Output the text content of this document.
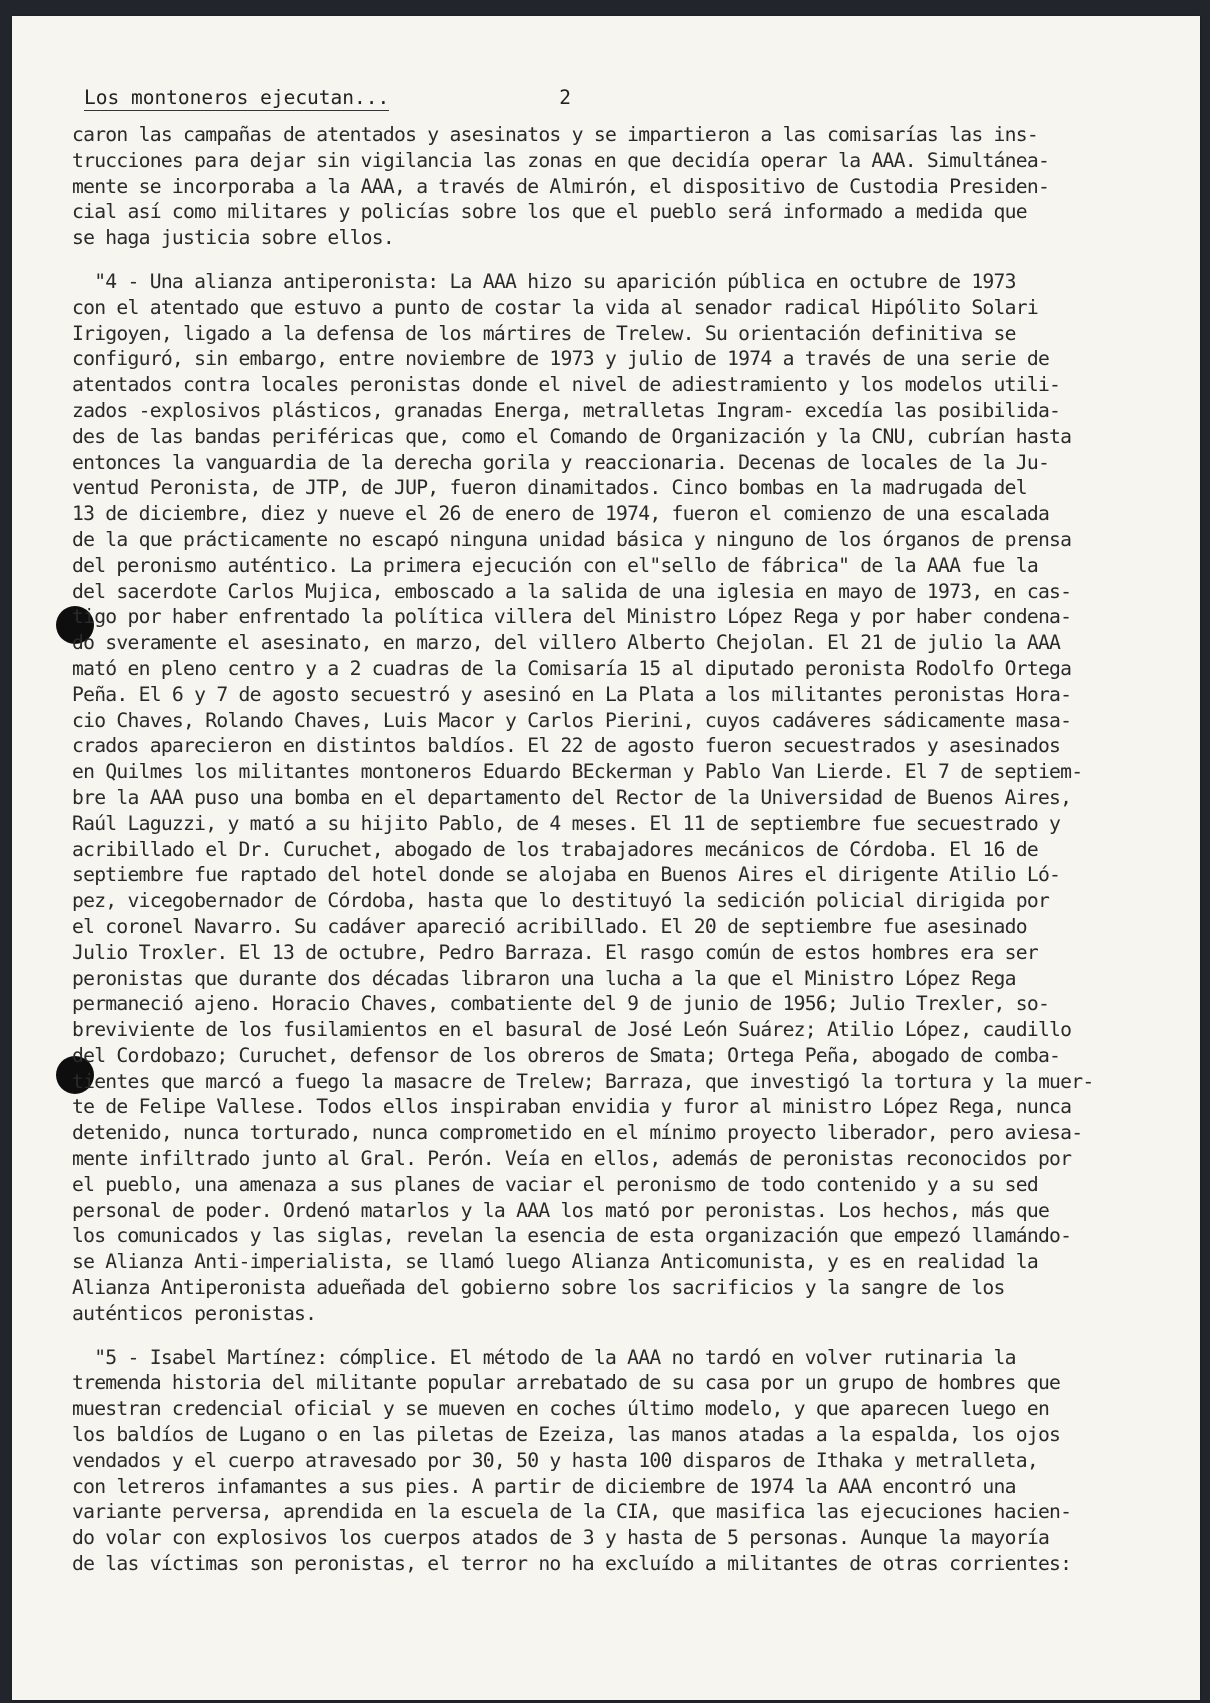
Los montoneros ejecutan...	2
caron las campañas de atentados y asesinatos y se impartieron a las comisarías las ins-
trucciones para dejar sin vigilancia las zonas en que decidía operar la AAA. Simultánea-
mente se incorporaba a la AAA, a través de Almirón, el dispositivo de Custodia Presiden-
cial así como militares y policías sobre los que el pueblo será informado a medida que
se haga justicia sobre ellos.
"4 - Una alianza antiperonista: La AAA hizo su aparición pública en octubre de 1973
con el atentado que estuvo a punto de costar la vida al senador radical Hipólito Solari
Irigoyen, ligado a la defensa de los mártires de Trelew. Su orientación definitiva se
configuró, sin embargo, entre noviembre de 1973 y julio de 1974 a través de una serie de
atentados contra locales peronistas donde el nivel de adiestramiento y los modelos utili-
zados -explosivos plásticos, granadas Energa, metralletas Ingram- excedía las posibilida-
des de las bandas periféricas que, como el Comando de Organización y la CNU, cubrían hasta
entonces la vanguardia de la derecha gorila y reaccionaria. Decenas de locales de la Ju-
ventud Peronista, de JTP, de JUP, fueron dinamitados. Cinco bombas en la madrugada del
13 de diciembre, diez y nueve el 26 de enero de 1974, fueron el comienzo de una escalada
de la que prácticamente no escapó ninguna unidad básica y ninguno de los órganos de prensa
del peronismo auténtico. La primera ejecución con el"sello de fábrica" de la AAA fue la
del sacerdote Carlos Mujica, emboscado a la salida de una iglesia en mayo de 1973, en cas-
tigo por haber enfrentado la política villera del Ministro López Rega y por haber condena-
do sveramente el asesinato, en marzo, del villero Alberto Chejolan. El 21 de julio la AAA
mató en pleno centro y a 2 cuadras de la Comisaría 15 al diputado peronista Rodolfo Ortega
Peña. El 6 y 7 de agosto secuestró y asesinó en La Plata a los militantes peronistas Hora-
cio Chaves, Rolando Chaves, Luis Macor y Carlos Pierini, cuyos cadáveres sádicamente masa-
crados aparecieron en distintos baldíos. El 22 de agosto fueron secuestrados y asesinados
en Quilmes los militantes montoneros Eduardo BEckerman y Pablo Van Lierde. El 7 de septiem-
bre la AAA puso una bomba en el departamento del Rector de la Universidad de Buenos Aires,
Raúl Laguzzi, y mató a su hijito Pablo, de 4 meses. El 11 de septiembre fue secuestrado y
acribillado el Dr. Curuchet, abogado de los trabajadores mecánicos de Córdoba. El 16 de
septiembre fue raptado del hotel donde se alojaba en Buenos Aires el dirigente Atilio Ló-
pez, vicegobernador de Córdoba, hasta que lo destituyó la sedición policial dirigida por
el coronel Navarro. Su cadáver apareció acribillado. El 20 de septiembre fue asesinado
Julio Troxler. El 13 de octubre, Pedro Barraza. El rasgo común de estos hombres era ser
peronistas que durante dos décadas libraron una lucha a la que el Ministro López Rega
permaneció ajeno. Horacio Chaves, combatiente del 9 de junio de 1956; Julio Trexler, so-
breviviente de los fusilamientos en el basural de José León Suárez; Atilio López, caudillo
del Cordobazo; Curuchet, defensor de los obreros de Smata; Ortega Peña, abogado de comba-
tientes que marcó a fuego la masacre de Trelew; Barraza, que investigó la tortura y la muer-
te de Felipe Vallese. Todos ellos inspiraban envidia y furor al ministro López Rega, nunca
detenido, nunca torturado, nunca comprometido en el mínimo proyecto liberador, pero aviesa-
mente infiltrado junto al Gral. Perón. Veía en ellos, además de peronistas reconocidos por
el pueblo, una amenaza a sus planes de vaciar el peronismo de todo contenido y a su sed
personal de poder. Ordenó matarlos y la AAA los mató por peronistas. Los hechos, más que
los comunicados y las siglas, revelan la esencia de esta organización que empezó llamándo-
se Alianza Anti-imperialista, se llamó luego Alianza Anticomunista, y es en realidad la
Alianza Antiperonista adueñada del gobierno sobre los sacrificios y la sangre de los
auténticos peronistas.
"5 - Isabel Martínez: cómplice. El método de la AAA no tardó en volver rutinaria la
tremenda historia del militante popular arrebatado de su casa por un grupo de hombres que
muestran credencial oficial y se mueven en coches último modelo, y que aparecen luego en
los baldíos de Lugano o en las piletas de Ezeiza, las manos atadas a la espalda, los ojos
vendados y el cuerpo atravesado por 30, 50 y hasta 100 disparos de Ithaka y metralleta,
con letreros infamantes a sus pies. A partir de diciembre de 1974 la AAA encontró una
variante perversa, aprendida en la escuela de la CIA, que masifica las ejecuciones hacien-
do volar con explosivos los cuerpos atados de 3 y hasta de 5 personas. Aunque la mayoría
de las víctimas son peronistas, el terror no ha excluído a militantes de otras corrientes:
